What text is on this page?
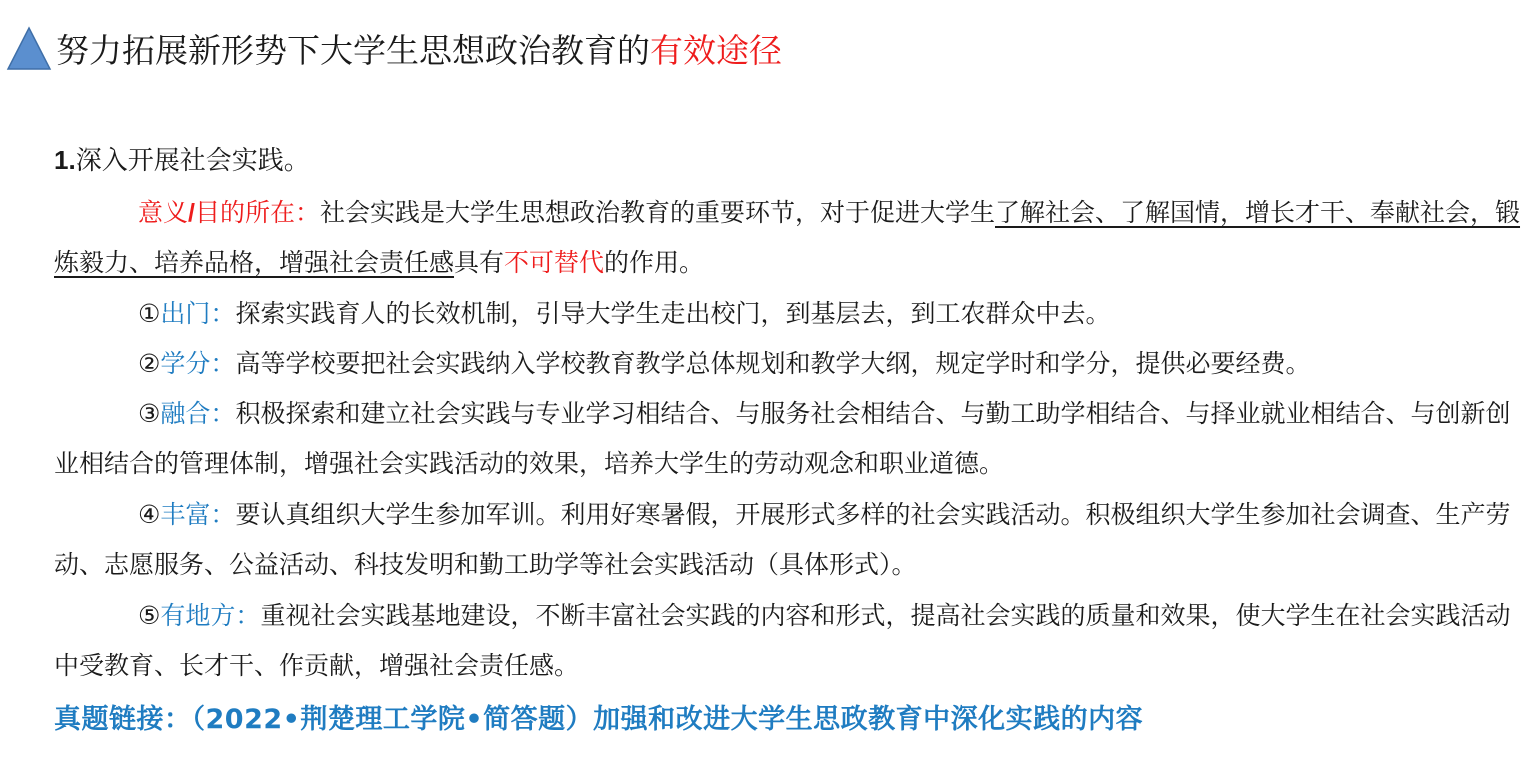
努力拓展新形势下大学生思想政治教育的有效途径
1.深入开展社会实践。
意义/目的所在：社会实践是大学生思想政治教育的重要环节，对于促进大学生了解社会、了解国情，增长才干、奉献社会，锻炼毅力、培养品格，增强社会责任感具有不可替代的作用。
①出门：探索实践育人的长效机制，引导大学生走出校门，到基层去，到工农群众中去。
②学分：高等学校要把社会实践纳入学校教育教学总体规划和教学大纲，规定学时和学分，提供必要经费。
③融合：积极探索和建立社会实践与专业学习相结合、与服务社会相结合、与勤工助学相结合、与择业就业相结合、与创新创业相结合的管理体制，增强社会实践活动的效果，培养大学生的劳动观念和职业道德。
④丰富：要认真组织大学生参加军训。利用好寒暑假，开展形式多样的社会实践活动。积极组织大学生参加社会调查、生产劳动、志愿服务、公益活动、科技发明和勤工助学等社会实践活动（具体形式）。
⑤有地方：重视社会实践基地建设，不断丰富社会实践的内容和形式，提高社会实践的质量和效果，使大学生在社会实践活动中受教育、长才干、作贡献，增强社会责任感。
真题链接：（2022•荆楚理工学院•简答题）加强和改进大学生思政教育中深化实践的内容
